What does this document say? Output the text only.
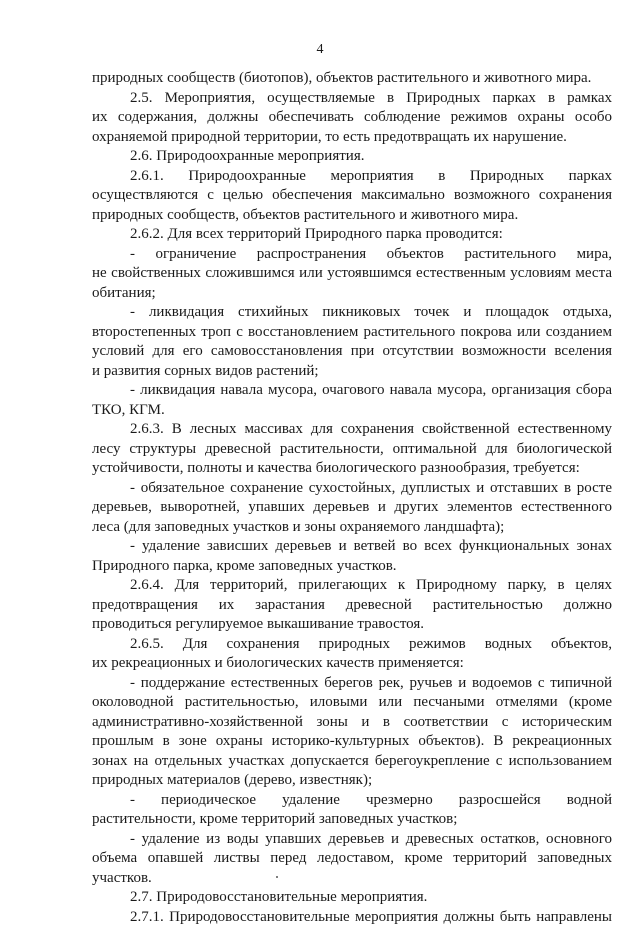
4
природных сообществ (биотопов), объектов растительного и животного мира.
2.5. Мероприятия, осуществляемые в Природных парках в рамках
их содержания, должны обеспечивать соблюдение режимов охраны особо
охраняемой природной территории, то есть предотвращать их нарушение.
2.6. Природоохранные мероприятия.
2.6.1. Природоохранные мероприятия в Природных парках
осуществляются с целью обеспечения максимально возможного сохранения
природных сообществ, объектов растительного и животного мира.
2.6.2. Для всех территорий Природного парка проводится:
- ограничение распространения объектов растительного мира,
не свойственных сложившимся или устоявшимся естественным условиям места
обитания;
- ликвидация стихийных пикниковых точек и площадок отдыха,
второстепенных троп с восстановлением растительного покрова или созданием
условий для его самовосстановления при отсутствии возможности вселения
и развития сорных видов растений;
- ликвидация навала мусора, очагового навала мусора, организация сбора
ТКО, КГМ.
2.6.3. В лесных массивах для сохранения свойственной естественному
лесу структуры древесной растительности, оптимальной для биологической
устойчивости, полноты и качества биологического разнообразия, требуется:
- обязательное сохранение сухостойных, дуплистых и отставших в росте
деревьев, выворотней, упавших деревьев и других элементов естественного
леса (для заповедных участков и зоны охраняемого ландшафта);
- удаление зависших деревьев и ветвей во всех функциональных зонах
Природного парка, кроме заповедных участков.
2.6.4. Для территорий, прилегающих к Природному парку, в целях
предотвращения их зарастания древесной растительностью должно
проводиться регулируемое выкашивание травостоя.
2.6.5. Для сохранения природных режимов водных объектов,
их рекреационных и биологических качеств применяется:
- поддержание естественных берегов рек, ручьев и водоемов с типичной
околоводной растительностью, иловыми или песчаными отмелями (кроме
административно-хозяйственной зоны и в соответствии с историческим
прошлым в зоне охраны историко-культурных объектов). В рекреационных
зонах на отдельных участках допускается берегоукрепление с использованием
природных материалов (дерево, известняк);
- периодическое удаление чрезмерно разросшейся водной
растительности, кроме территорий заповедных участков;
- удаление из воды упавших деревьев и древесных остатков, основного
объема опавшей листвы перед ледоставом, кроме территорий заповедных
участков.
2.7. Природовосстановительные мероприятия.
2.7.1. Природовосстановительные мероприятия должны быть направлены
